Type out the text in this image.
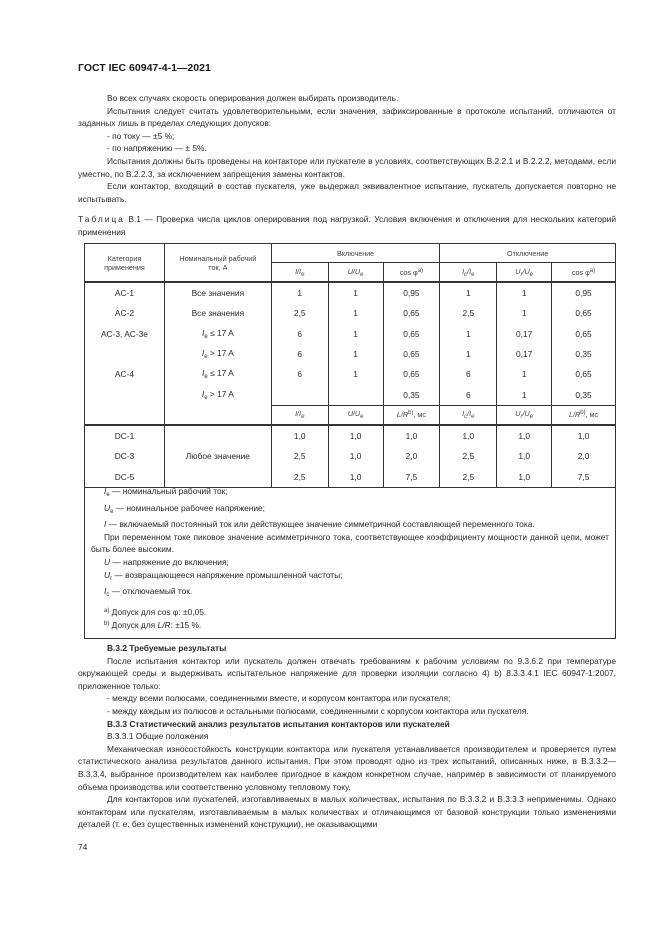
ГОСТ IEC 60947-4-1—2021

Во всех случаях скорость оперирования должен выбирать производитель.

Испытания следует считать удовлетворительными, если значения, зафиксированные в протоколе испытаний, отличаются от заданных лишь в пределах следующих допусков:

- по току — ±5 %;

- по напряжению — ± 5%.

Испытания должны быть проведены на контакторе или пускателе в условиях, соответствующих B.2.2.1 и B.2.2.2, методами, если уместно, по B.2.2.3, за исключением запрещения замены контактов.

Если контактор, входящий в состав пускателя, уже выдержал эквивалентное испытание, пускатель допускается повторно не испытывать.

Таблица B.1 — Проверка числа циклов оперирования под нагрузкой. Условия включения и отключения для нескольких категорий применения
Категория применения	Номинальный рабочий ток, А	Включение			Отключение		
		$I/I_e$	$U/U_e$	$\cos \varphi^{a)}$	$I_c/I_e$	$U_r/U_e$	$\cos \varphi^{a)}$
AC-1	Все значения	1	1	0,95	1	1	0,95
AC-2	Все значения	2,5	1	0,65	2,5	1	0,65
AC-3, AC-3e	$I_e \le 17$ A	6	1	0,65	1	0,17	0,65
	$I_e > 17$ A	6	1	0,65	1	0,17	0,35
AC-4	$I_e \le 17$ A	6	1	0,65	6	1	0,65
	$I_e > 17$ A			0,35	6	1	0,35
		$I/I_e$	$U/U_e$	$L/R^{b)}$, мс	$I_c/I_e$	$U_r/U_e$	$L/R^{b)}$, мс
DC-1	Любое значение	1,0	1,0	1,0	1,0	1,0	1,0
DC-3		2,5	1,0	2,0	2,5	1,0	2,0
DC-5		2,5	1,0	7,5	2,5	1,0	7,5

$I_e$ — номинальный рабочий ток;

$U_e$ — номинальное рабочее напряжение;

I — включаемый постоянный ток или действующее значение симметричной составляющей переменного тока.

При переменном токе пиковое значение асимметричного тока, соответствующее коэффициенту мощности данной цепи, может быть более высоким.

U — напряжение до включения;

$U_r$ — возвращающееся напряжение промышленной частоты;

$I_c$ — отключаемый ток.

$^{a)}$ Допуск для cos φ: ±0,05.

$^{b)}$ Допуск для L/R: ±15 %.

B.3.2 Требуемые результаты

После испытания контактор или пускатель должен отвечать требованиям к рабочим условиям по 9.3.6.2 при температуре окружающей среды и выдерживать испытательное напряжение для проверки изоляции согласно 4) b) 8.3.3.4.1 IEC 60947-1:2007, приложенное только:

- между всеми полюсами, соединенными вместе, и корпусом контактора или пускателя;

- между каждым из полюсов и остальными полюсами, соединенными с корпусом контактора или пускателя.

B.3.3 Статистический анализ результатов испытания контакторов или пускателей

B.3.3.1 Общие положения

Механическая износостойкость конструкции контактора или пускателя устанавливается производителем и проверяется путем статистического анализа результатов данного испытания. При этом проводят одно из трех испытаний, описанных ниже, в B.3.3.2—B.3.3.4, выбранное производителем как наиболее пригодное в каждом конкретном случае, например в зависимости от планируемого объема производства или соответственно условному тепловому току.

Для контакторов или пускателей, изготавливаемых в малых количествах, испытания по B.3.3.2 и B.3.3.3 неприменимы. Однако контакторам или пускателям, изготавливаемым в малых количествах и отличающимся от базовой конструкции только изменениями деталей (т. е. без существенных изменений конструкции), не оказывающими

74
